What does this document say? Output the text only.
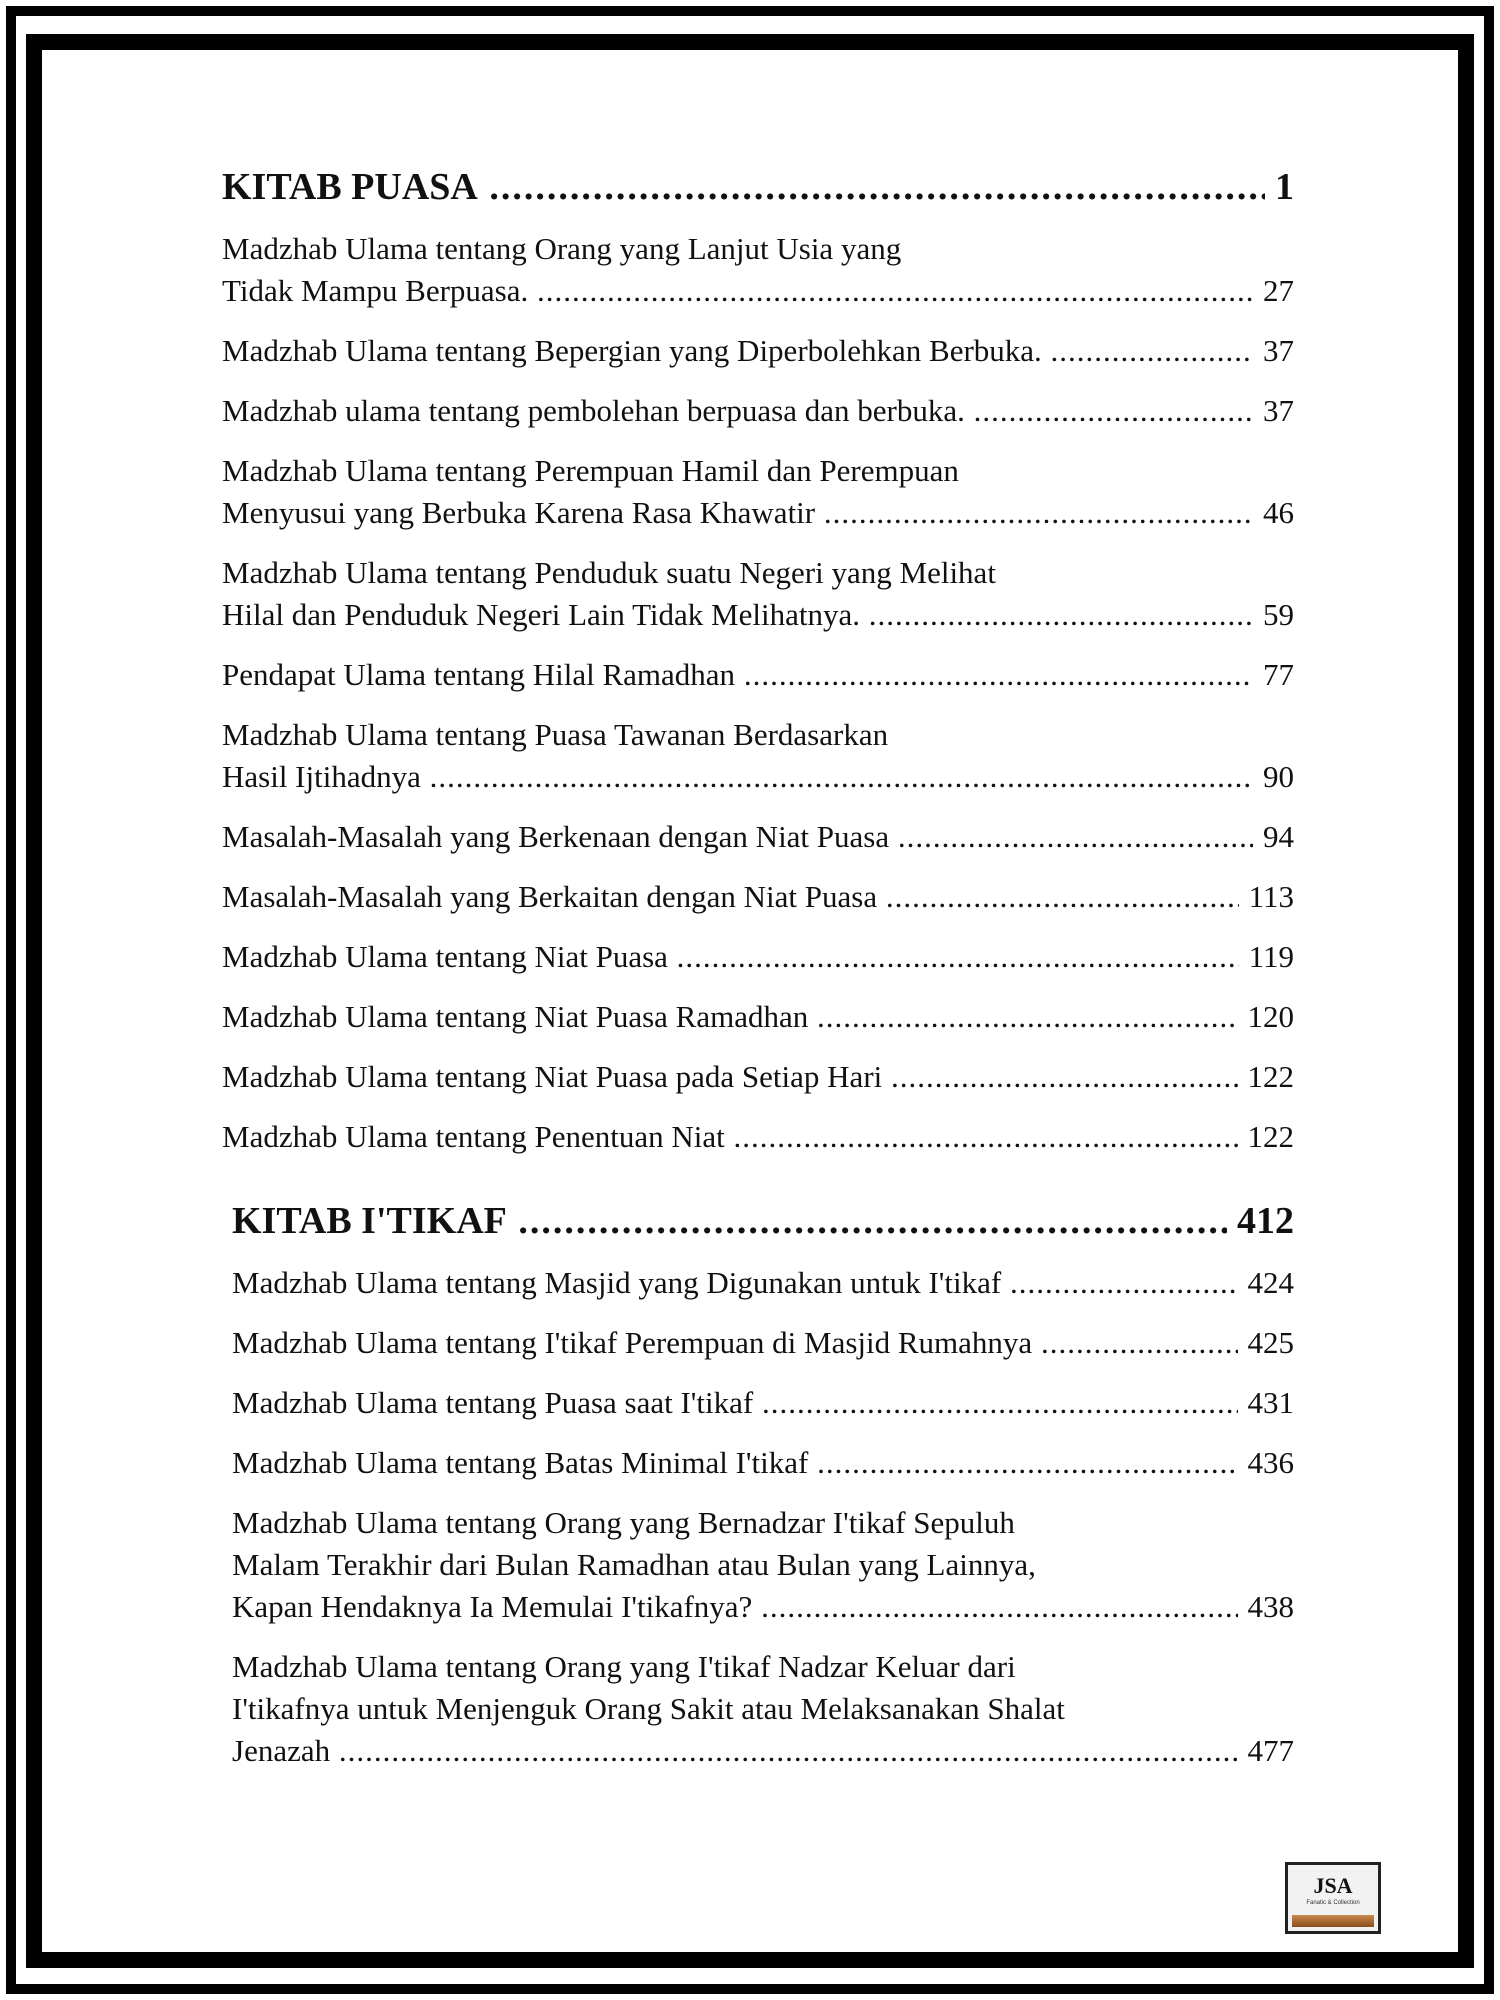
KITAB PUASA .....	1
Madzhab Ulama tentang Orang yang Lanjut Usia yang
Tidak Mampu Berpuasa. .....	27
Madzhab Ulama tentang Bepergian yang Diperbolehkan Berbuka. .....	37
Madzhab ulama tentang pembolehan berpuasa dan berbuka. .....	37
Madzhab Ulama tentang Perempuan Hamil dan Perempuan
Menyusui yang Berbuka Karena Rasa Khawatir .....	46
Madzhab Ulama tentang Penduduk suatu Negeri yang Melihat
Hilal dan Penduduk Negeri Lain Tidak Melihatnya. .....	59
Pendapat Ulama tentang Hilal Ramadhan .....	77
Madzhab Ulama tentang Puasa Tawanan Berdasarkan
Hasil Ijtihadnya .....	90
Masalah-Masalah yang Berkenaan dengan Niat Puasa .....	94
Masalah-Masalah yang Berkaitan dengan Niat Puasa .....	113
Madzhab Ulama tentang Niat Puasa .....	119
Madzhab Ulama tentang Niat Puasa Ramadhan .....	120
Madzhab Ulama tentang Niat Puasa pada Setiap Hari .....	122
Madzhab Ulama tentang Penentuan Niat .....	122
KITAB I'TIKAF .....	412
Madzhab Ulama tentang Masjid yang Digunakan untuk I'tikaf .....	424
Madzhab Ulama tentang I'tikaf Perempuan di Masjid Rumahnya .....	425
Madzhab Ulama tentang Puasa saat I'tikaf .....	431
Madzhab Ulama tentang Batas Minimal I'tikaf .....	436
Madzhab Ulama tentang Orang yang Bernadzar I'tikaf Sepuluh
Malam Terakhir dari Bulan Ramadhan atau Bulan yang Lainnya,
Kapan Hendaknya Ia Memulai I'tikafnya? .....	438
Madzhab Ulama tentang Orang yang I'tikaf Nadzar Keluar dari
I'tikafnya untuk Menjenguk Orang Sakit atau Melaksanakan Shalat
Jenazah .....	477
JSA
Fanatic & Collection
